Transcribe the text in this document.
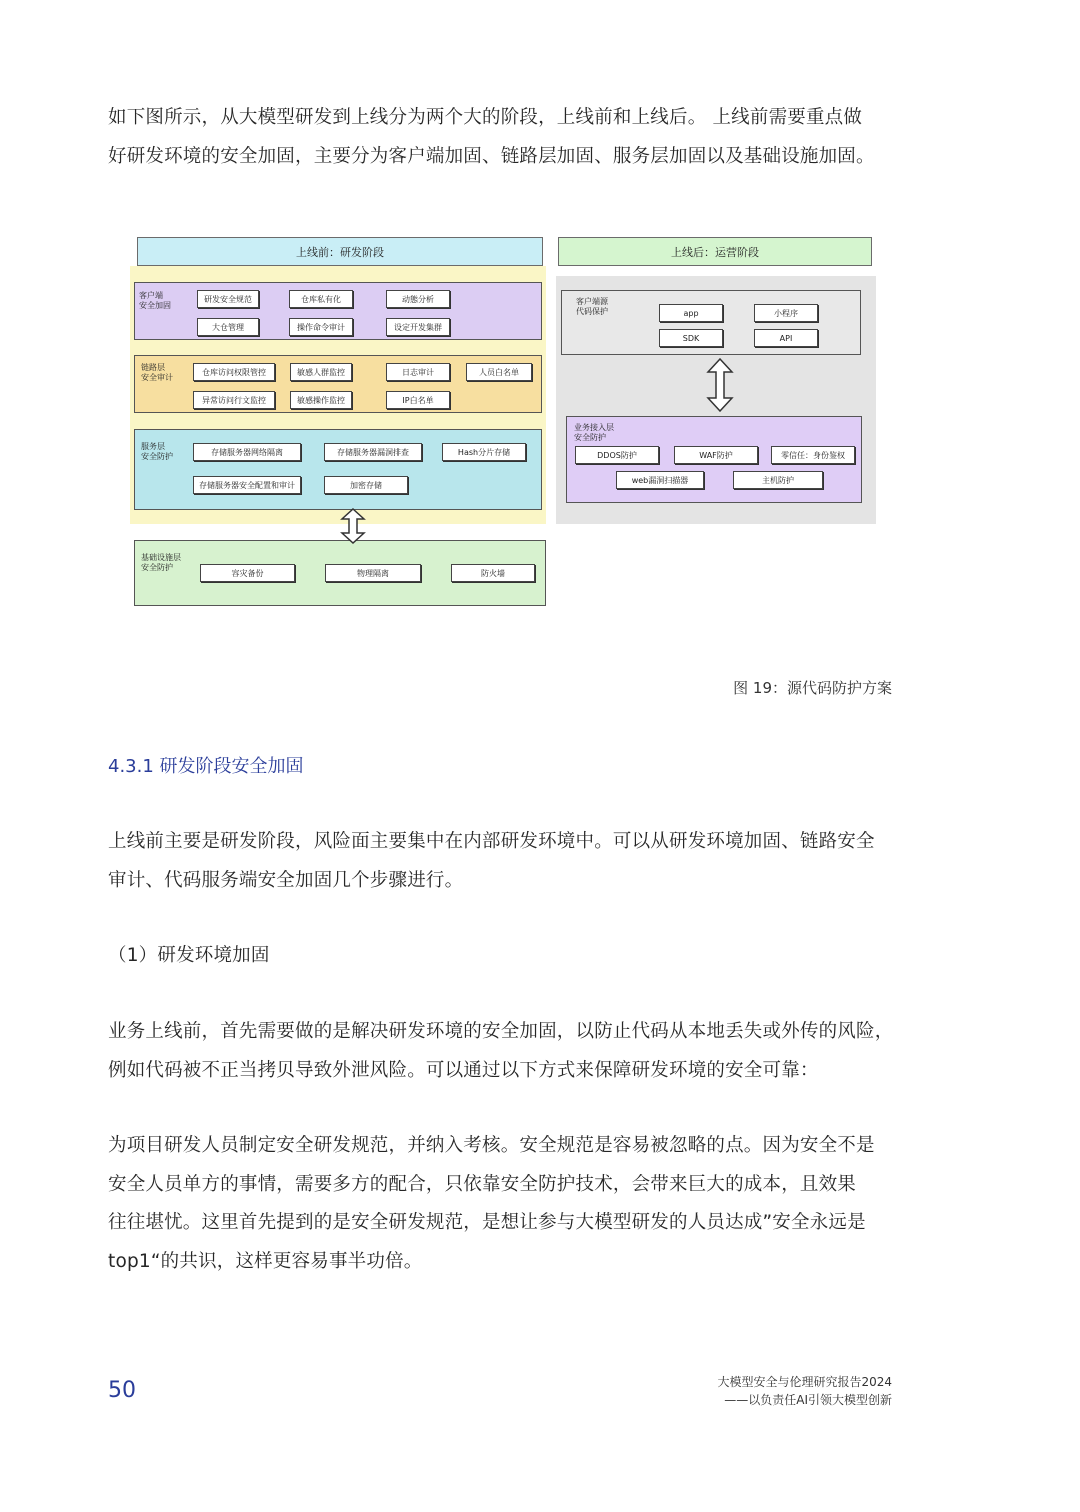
如下图所示，从大模型研发到上线分为两个大的阶段，上线前和上线后。 上线前需要重点做

好研发环境的安全加固，主要分为客户端加固、链路层加固、服务层加固以及基础设施加固。

上线前：研发阶段	上线后：运营阶段
客户端
安全加固
研发安全规范	仓库私有化	动態分析
大仓管理	操作命令审计	设定开发集群
链路层
安全审计
仓库访问权限管控	敏感人群监控	日志审计	人员白名单
异常访问行文监控	敏感操作监控	IP白名单
服务层
安全防护	存储服务器网络隔离	存储服务器漏洞排查	Hash分片存储
存储服务器安全配置和审计	加密存储
基础设施层
安全防护
容灾备份	物理隔离	防火墙
客户端源
代码保护	app	小程序
SDK	API
业务接入层
安全防护
DDOS防护	WAF防护	零信任：身份鉴权
web漏洞扫描器	主机防护
图 19：源代码防护方案
4.3.1 研发阶段安全加固

上线前主要是研发阶段，风险面主要集中在内部研发环境中。可以从研发环境加固、链路安全

审计、代码服务端安全加固几个步骤进行。

（1）研发环境加固

业务上线前，首先需要做的是解决研发环境的安全加固，以防止代码从本地丢失或外传的风险，

例如代码被不正当拷贝导致外泄风险。可以通过以下方式来保障研发环境的安全可靠：

为项目研发人员制定安全研发规范，并纳入考核。安全规范是容易被忽略的点。因为安全不是

安全人员单方的事情，需要多方的配合，只依靠安全防护技术，会带来巨大的成本，且效果

往往堪忧。这里首先提到的是安全研发规范，是想让参与大模型研发的人员达成”安全永远是

top1“的共识，这样更容易事半功倍。

50	大模型安全与伦理研究报告2024
——以负责任AI引领大模型创新
